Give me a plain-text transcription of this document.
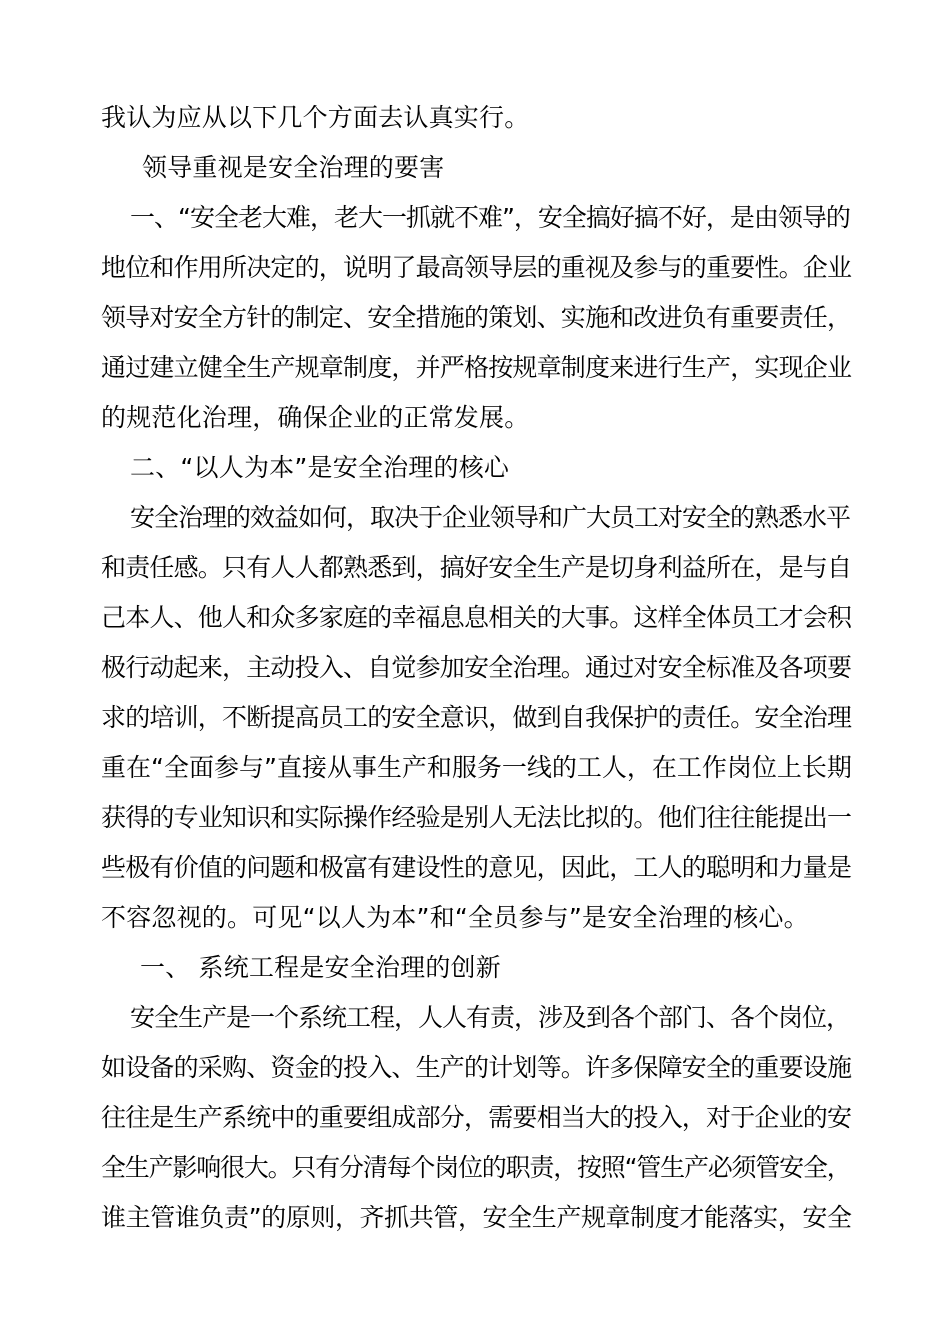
我认为应从以下几个方面去认真实行。
领导重视是安全治理的要害
一、“安全老大难，老大一抓就不难”，安全搞好搞不好，是由领导的
地位和作用所决定的，说明了最高领导层的重视及参与的重要性。企业
领导对安全方针的制定、安全措施的策划、实施和改进负有重要责任，
通过建立健全生产规章制度，并严格按规章制度来进行生产，实现企业
的规范化治理，确保企业的正常发展。
二、“以人为本”是安全治理的核心
安全治理的效益如何，取决于企业领导和广大员工对安全的熟悉水平
和责任感。只有人人都熟悉到，搞好安全生产是切身利益所在，是与自
己本人、他人和众多家庭的幸福息息相关的大事。这样全体员工才会积
极行动起来，主动投入、自觉参加安全治理。通过对安全标准及各项要
求的培训，不断提高员工的安全意识，做到自我保护的责任。安全治理
重在“全面参与”直接从事生产和服务一线的工人，在工作岗位上长期
获得的专业知识和实际操作经验是别人无法比拟的。他们往往能提出一
些极有价值的问题和极富有建设性的意见，因此，工人的聪明和力量是
不容忽视的。可见“以人为本”和“全员参与”是安全治理的核心。
一、 系统工程是安全治理的创新
安全生产是一个系统工程，人人有责，涉及到各个部门、各个岗位，
如设备的采购、资金的投入、生产的计划等。许多保障安全的重要设施
往往是生产系统中的重要组成部分，需要相当大的投入，对于企业的安
全生产影响很大。只有分清每个岗位的职责，按照“管生产必须管安全，
谁主管谁负责”的原则，齐抓共管，安全生产规章制度才能落实，安全
